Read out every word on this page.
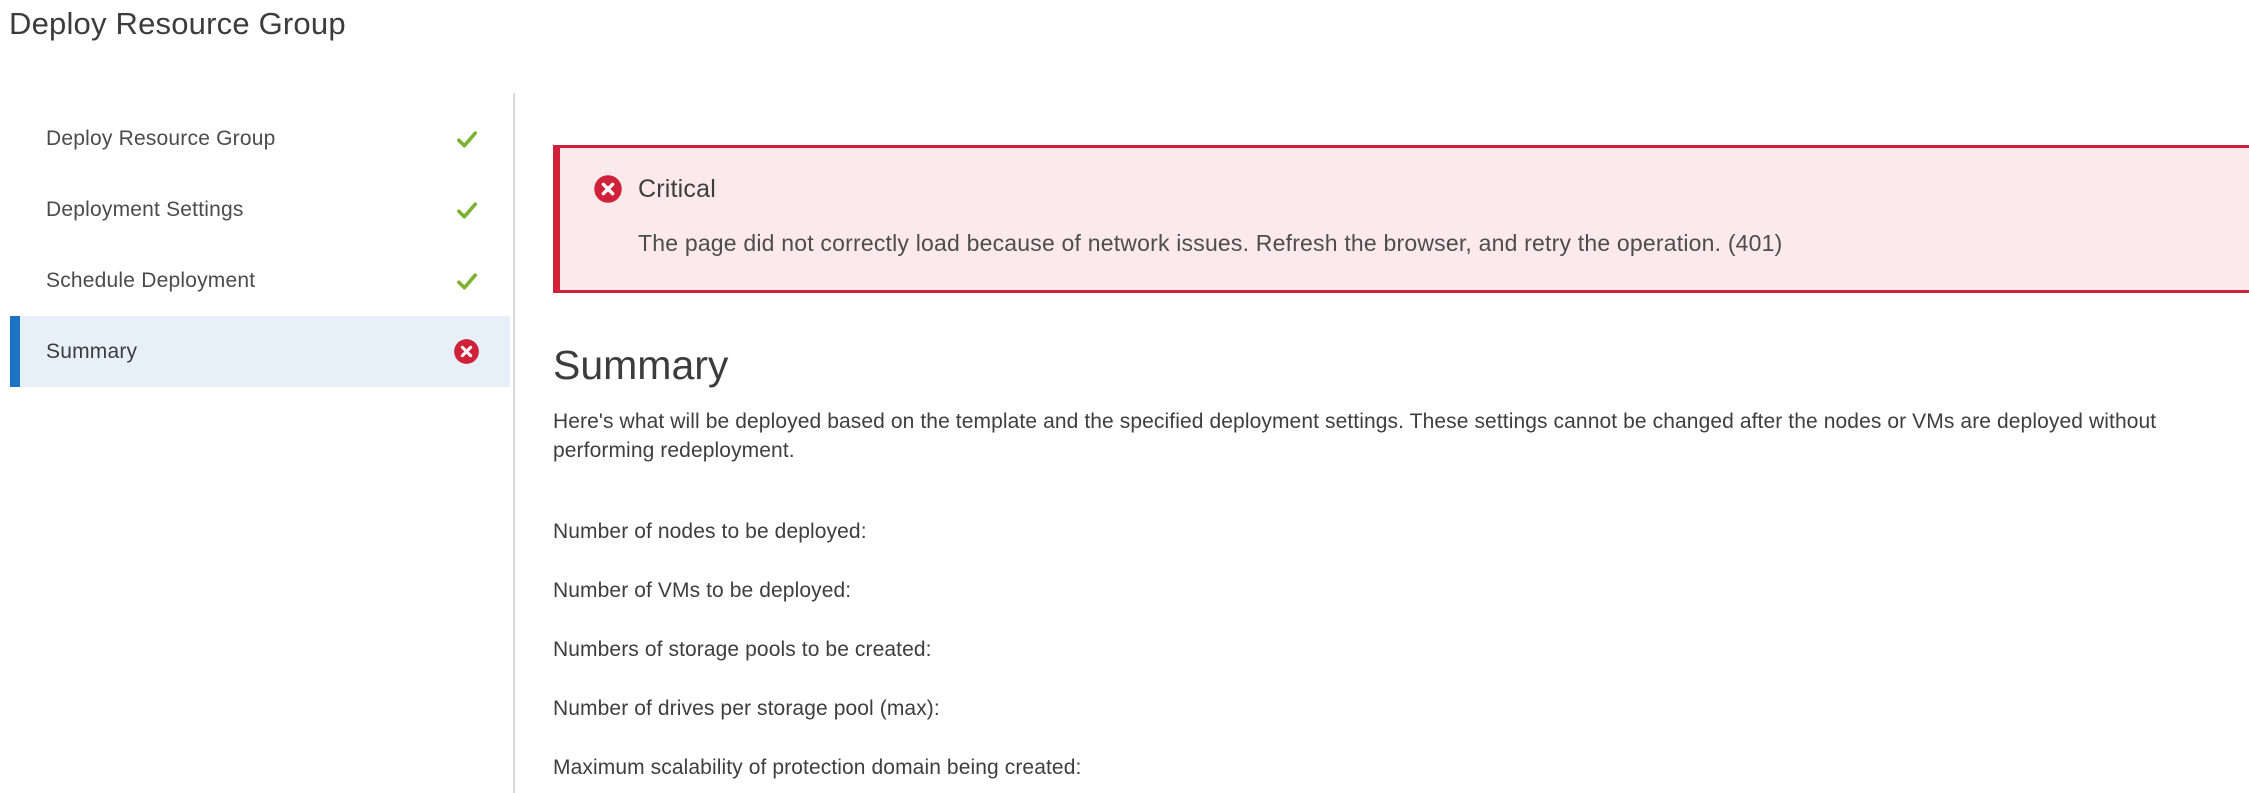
Deploy Resource Group
Deploy Resource Group
Deployment Settings
Schedule Deployment
Summary
Critical
The page did not correctly load because of network issues. Refresh the browser, and retry the operation. (401)
Summary

Here's what will be deployed based on the template and the specified deployment settings. These settings cannot be changed after the nodes or VMs are deployed without performing redeployment.

Number of nodes to be deployed:
Number of VMs to be deployed:
Numbers of storage pools to be created:
Number of drives per storage pool (max):
Maximum scalability of protection domain being created:
